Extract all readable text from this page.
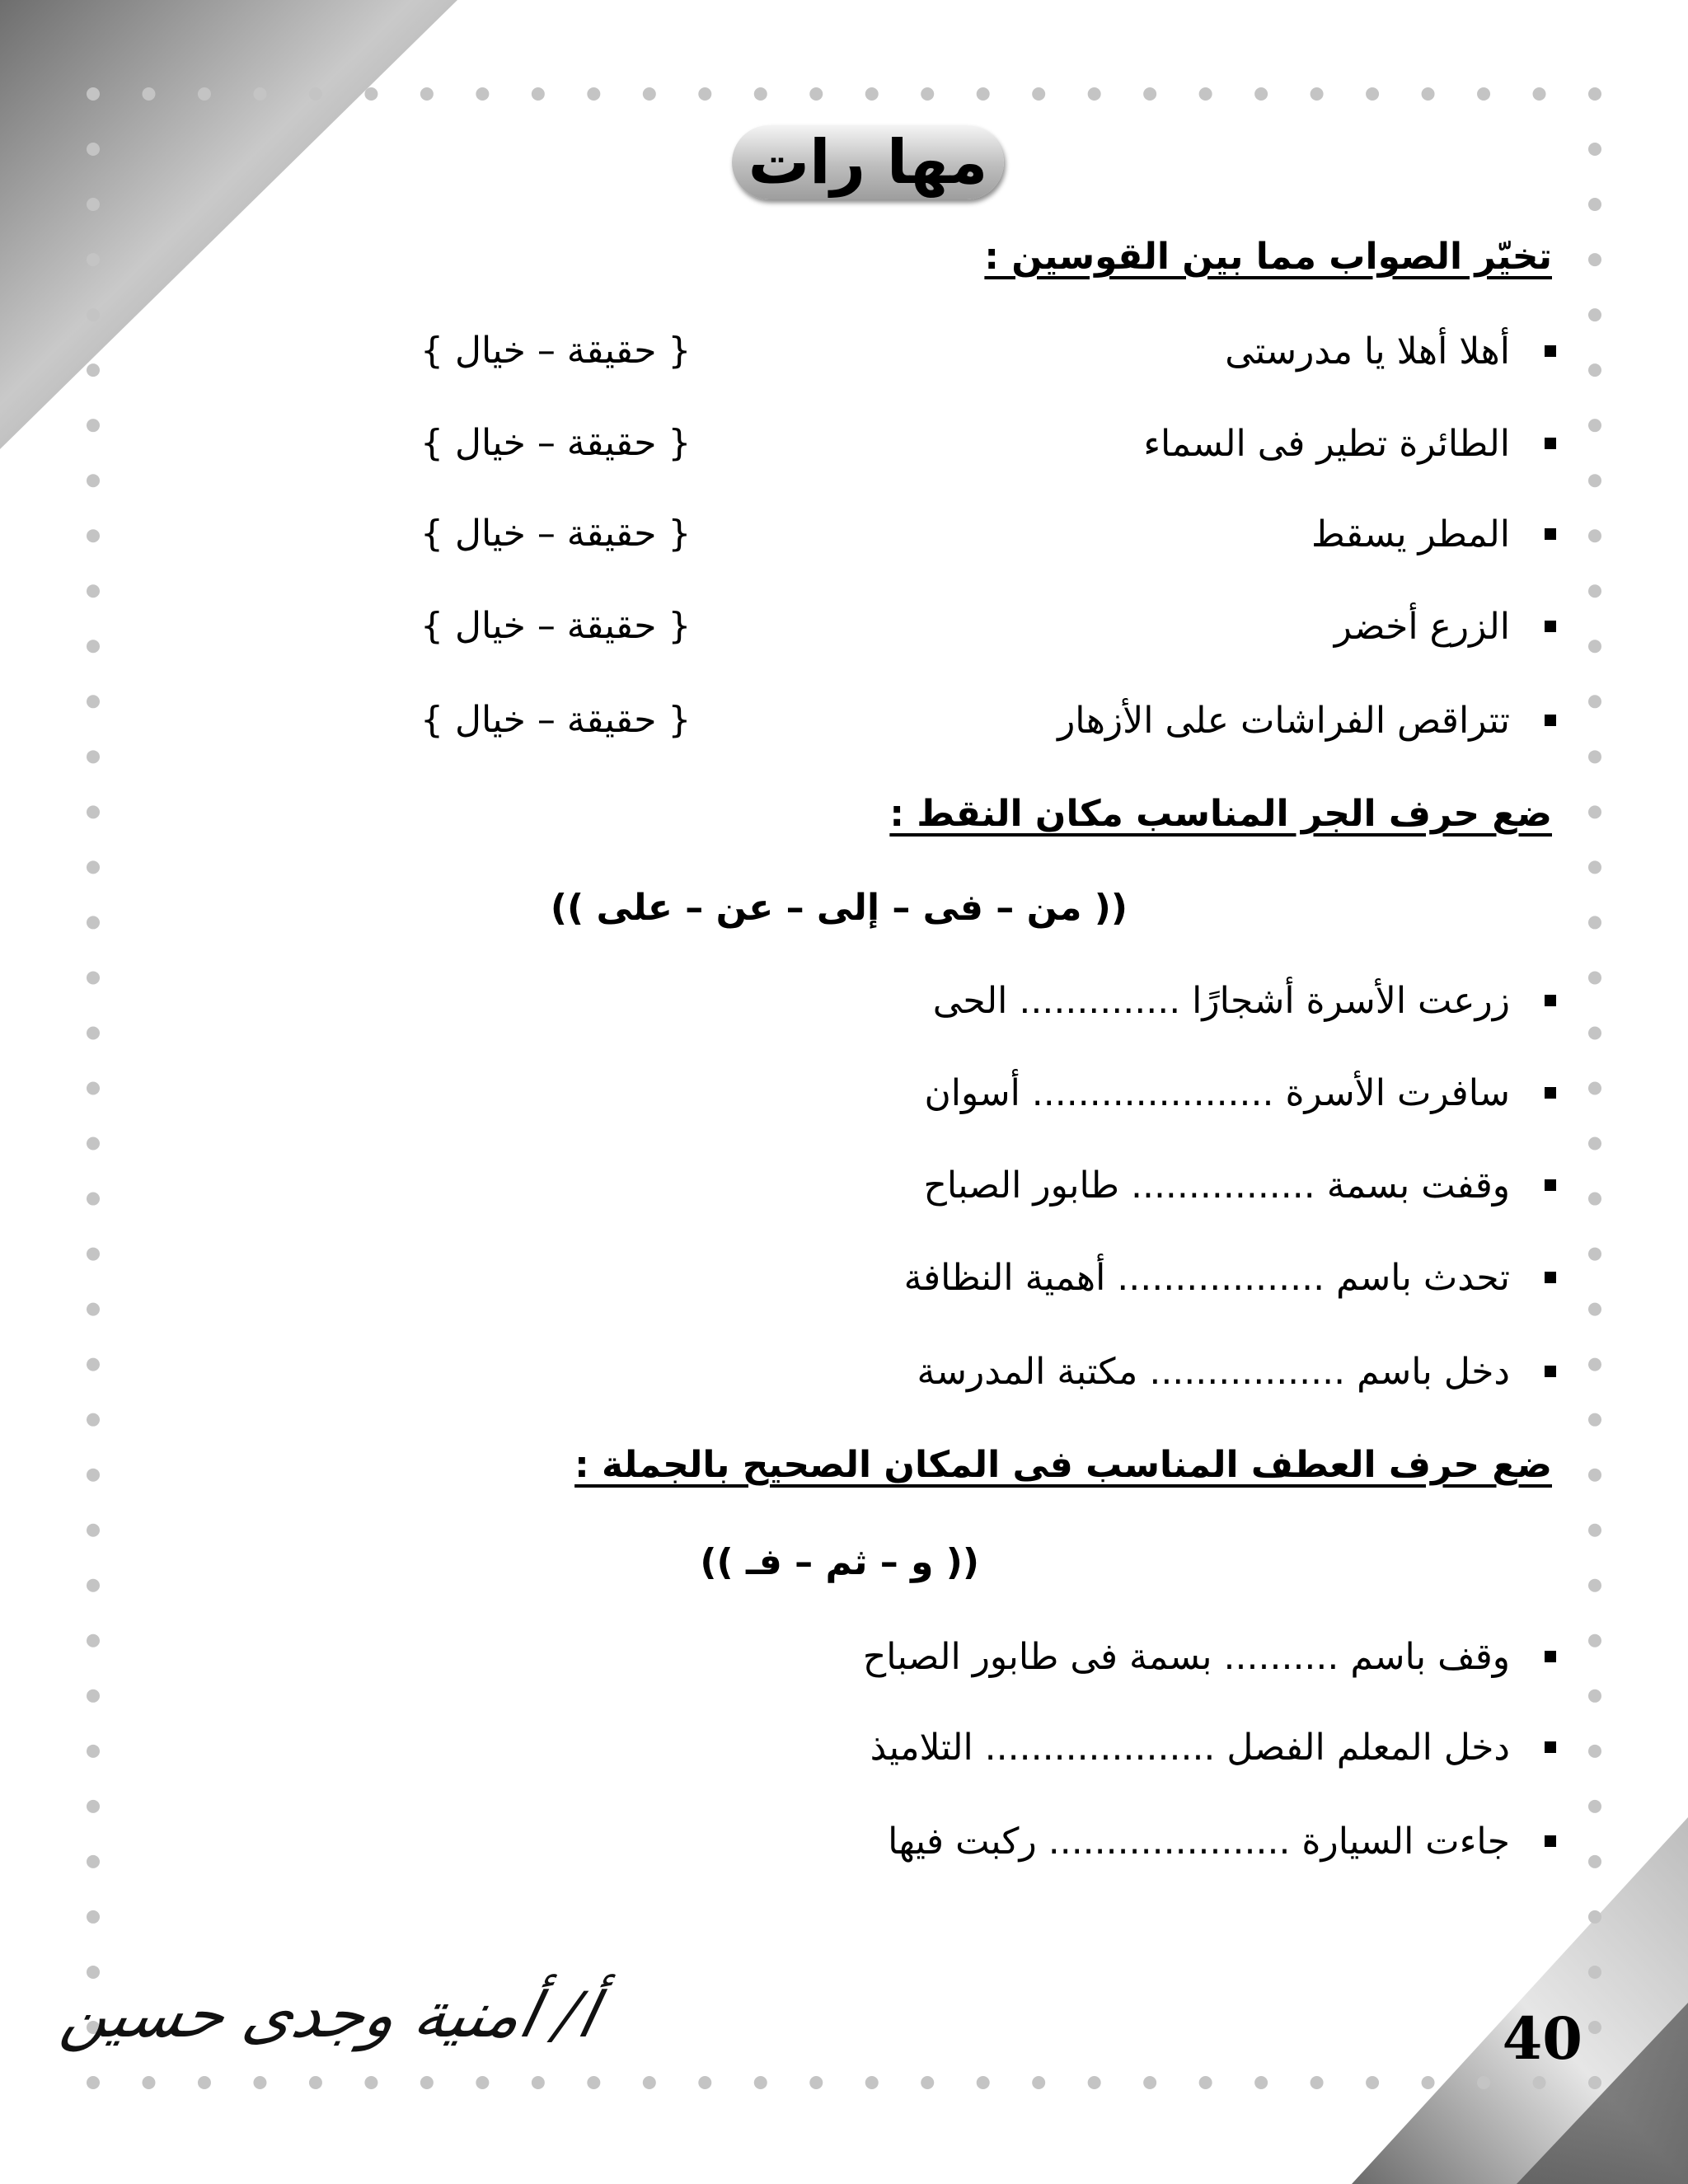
مها رات
تخيّر الصواب مما بين القوسين :
أهلا أهلا يا مدرستى
{ حقيقة – خيال }
الطائرة تطير فى السماء
{ حقيقة – خيال }
المطر يسقط
{ حقيقة – خيال }
الزرع أخضر
{ حقيقة – خيال }
تتراقص الفراشات على الأزهار
{ حقيقة – خيال }
ضع حرف الجر المناسب مكان النقط :
(( من – فى – إلى – عن – على ))
زرعت الأسرة أشجارًا .............. الحى
سافرت الأسرة ..................... أسوان
وقفت بسمة ................ طابور الصباح
تحدث باسم .................. أهمية النظافة
دخل باسم ................. مكتبة المدرسة
ضع حرف العطف المناسب فى المكان الصحيح بالجملة :
(( و – ثم – فـ ))
وقف باسم .......... بسمة فى طابور الصباح
دخل المعلم الفصل .................... التلاميذ
جاءت السيارة ..................... ركبت فيها
أ/ أمنية وجدى حسين	40
